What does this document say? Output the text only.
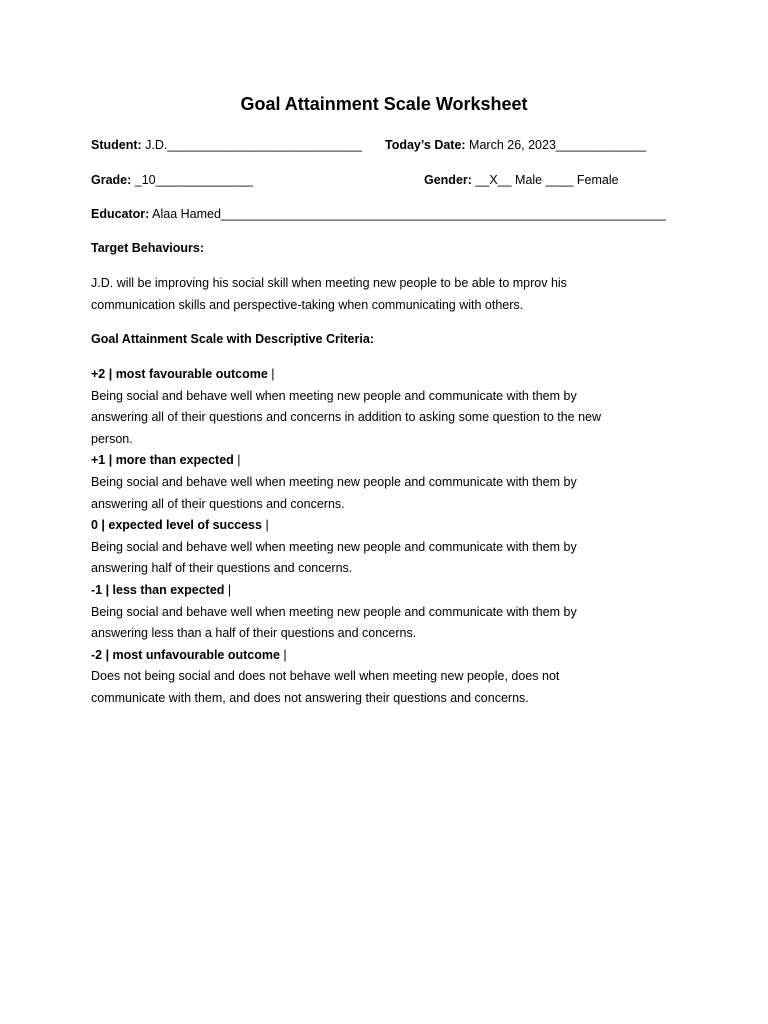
Goal Attainment Scale Worksheet
Student: J.D.____________________________ Today’s Date: March 26, 2023_____________
Grade: _10______________	Gender: __X__ Male ____ Female
Educator: Alaa Hamed________________________________________________________________
Target Behaviours:
J.D. will be improving his social skill when meeting new people to be able to mprov his
communication skills and perspective-taking when communicating with others.
Goal Attainment Scale with Descriptive Criteria:
+2 | most favourable outcome |
Being social and behave well when meeting new people and communicate with them by
answering all of their questions and concerns in addition to asking some question to the new
person.
+1 | more than expected |
Being social and behave well when meeting new people and communicate with them by
answering all of their questions and concerns.
0 | expected level of success |
Being social and behave well when meeting new people and communicate with them by
answering half of their questions and concerns.
-1 | less than expected |
Being social and behave well when meeting new people and communicate with them by
answering less than a half of their questions and concerns.
-2 | most unfavourable outcome |
Does not being social and does not behave well when meeting new people, does not
communicate with them, and does not answering their questions and concerns.
